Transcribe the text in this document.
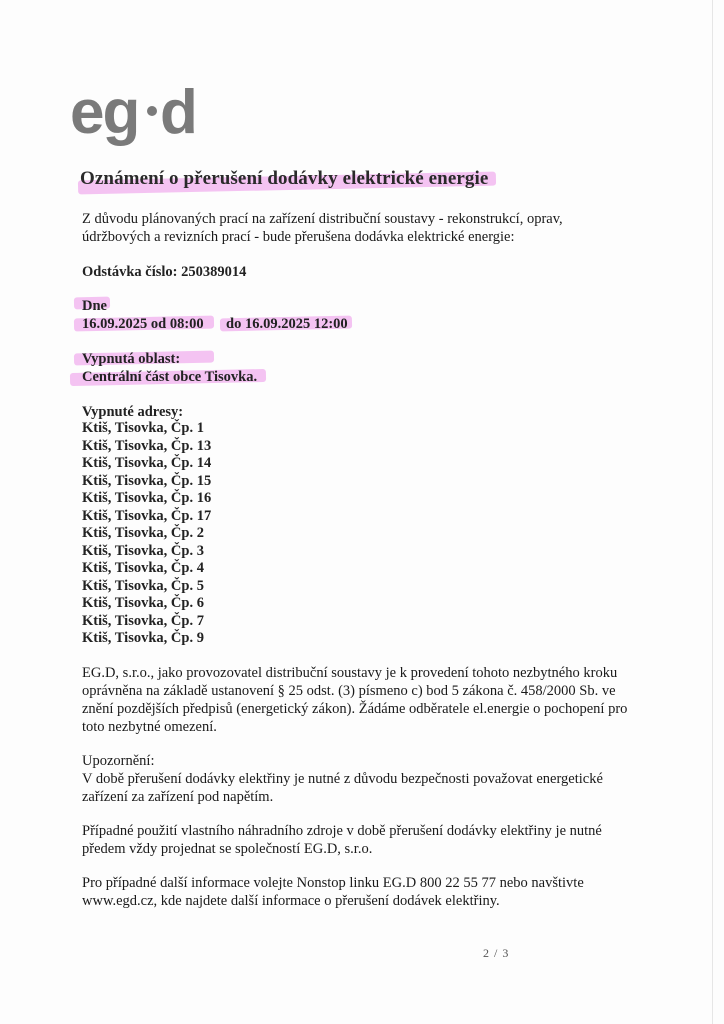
eg d
Oznámení o přerušení dodávky elektrické energie

Z důvodu plánovaných prací na zařízení distribuční soustavy - rekonstrukcí, oprav,

údržbových a revizních prací - bude přerušena dodávka elektrické energie:

Odstávka číslo: 250389014

Dne

16.09.2025 od 08:00 do 16.09.2025 12:00

Vypnutá oblast:

Centrální část obce Tisovka.

Vypnuté adresy:

Ktiš, Tisovka, Čp. 1
Ktiš, Tisovka, Čp. 13
Ktiš, Tisovka, Čp. 14
Ktiš, Tisovka, Čp. 15
Ktiš, Tisovka, Čp. 16
Ktiš, Tisovka, Čp. 17
Ktiš, Tisovka, Čp. 2
Ktiš, Tisovka, Čp. 3
Ktiš, Tisovka, Čp. 4
Ktiš, Tisovka, Čp. 5
Ktiš, Tisovka, Čp. 6
Ktiš, Tisovka, Čp. 7
Ktiš, Tisovka, Čp. 9

EG.D, s.r.o., jako provozovatel distribuční soustavy je k provedení tohoto nezbytného kroku

oprávněna na základě ustanovení § 25 odst. (3) písmeno c) bod 5 zákona č. 458/2000 Sb. ve

znění pozdějších předpisů (energetický zákon). Žádáme odběratele el.energie o pochopení pro

toto nezbytné omezení.

Upozornění:

V době přerušení dodávky elektřiny je nutné z důvodu bezpečnosti považovat energetické

zařízení za zařízení pod napětím.

Případné použití vlastního náhradního zdroje v době přerušení dodávky elektřiny je nutné

předem vždy projednat se společností EG.D, s.r.o.

Pro případné další informace volejte Nonstop linku EG.D 800 22 55 77 nebo navštivte

www.egd.cz, kde najdete další informace o přerušení dodávek elektřiny.

2 / 3
